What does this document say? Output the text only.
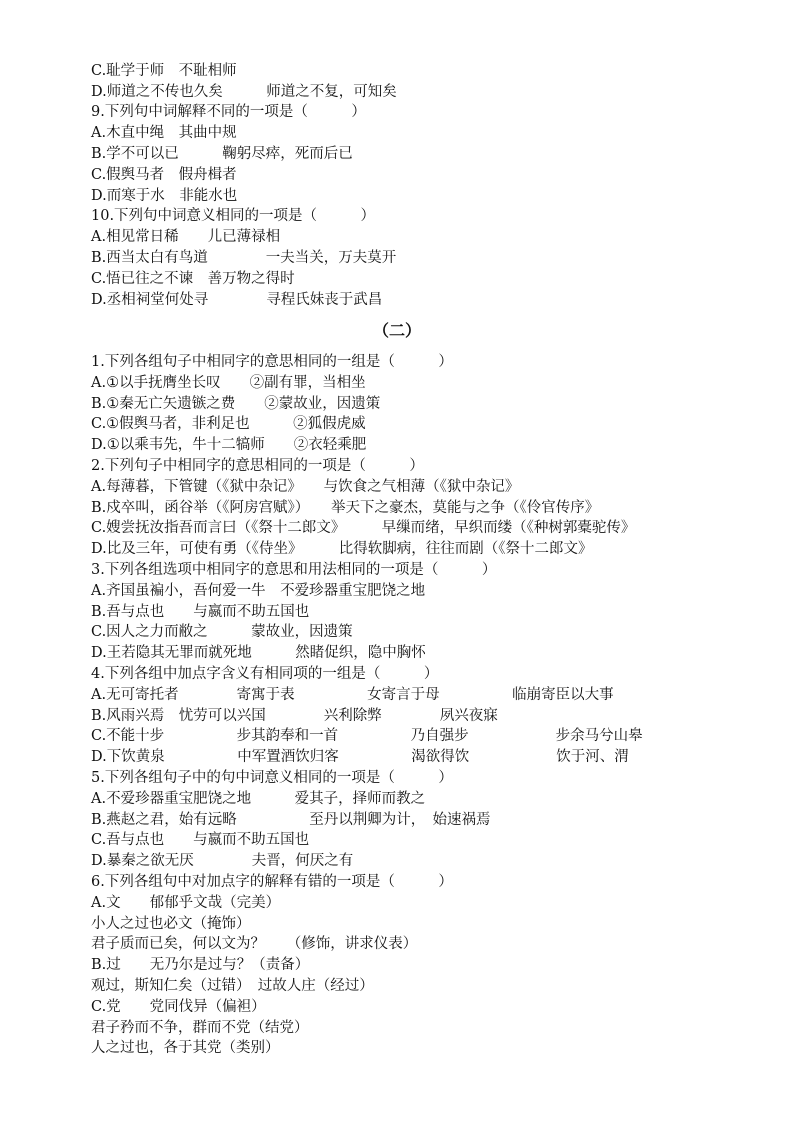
C.耻学于师　不耻相师
D.师道之不传也久矣　　　师道之不复，可知矣
9.下列句中词解释不同的一项是（　　　）
A.木直中绳　其曲中规
B.学不可以已　　　鞠躬尽瘁，死而后已
C.假舆马者　假舟楫者
D.而寒于水　非能水也
10.下列句中词意义相同的一项是（　　　）
A.相见常日稀　　儿已薄禄相
B.西当太白有鸟道　　　　一夫当关，万夫莫开
C.悟已往之不谏　善万物之得时
D.丞相祠堂何处寻　　　　寻程氏妹丧于武昌
（二）
1.下列各组句子中相同字的意思相同的一组是（　　　）
A.①以手抚膺坐长叹　　②副有罪，当相坐
B.①秦无亡矢遗镞之费　　②蒙故业，因遗策
C.①假舆马者，非利足也　　　②狐假虎威
D.①以乘韦先，牛十二犒师　　②衣轻乘肥
2.下列句子中相同字的意思相同的一项是（　　　）
A.每薄暮，下管键（《狱中杂记》　　与饮食之气相薄（《狱中杂记》
B.戍卒叫，函谷举（《阿房宫赋》）　　举天下之豪杰，莫能与之争（《伶官传序》
C.嫂尝抚汝指吾而言曰（《祭十二郎文》　　　早缫而绪，早织而缕（《种树郭橐驼传》
D.比及三年，可使有勇（《侍坐》　　　比得软脚病，往往而剧（《祭十二郎文》
3.下列各组选项中相同字的意思和用法相同的一项是（　　　）
A.齐国虽褊小，吾何爱一牛　不爱珍器重宝肥饶之地
B.吾与点也　　与嬴而不助五国也
C.因人之力而敝之　　　蒙故业，因遗策
D.王若隐其无罪而就死地　　　然睹促织，隐中胸怀
4.下列各组中加点字含义有相同项的一组是（　　　）
A.无可寄托者　　　　寄寓于表　　　　　女寄言于母　　　　　临崩寄臣以大事
B.风雨兴焉　忧劳可以兴国　　　　兴利除弊　　　　夙兴夜寐
C.不能十步　　　　　步其韵奉和一首　　　　　乃自强步　　　　　　步余马兮山皋
D.下饮黄泉　　　　　中军置酒饮归客　　　　　渴欲得饮　　　　　　饮于河、渭
5.下列各组句子中的句中词意义相同的一项是（　　　）
A.不爱珍器重宝肥饶之地　　　爱其子，择师而教之
B.燕赵之君，始有远略　　　　　至丹以荆卿为计，　始速祸焉
C.吾与点也　　与嬴而不助五国也
D.暴秦之欲无厌　　　　夫晋，何厌之有
6.下列各组句中对加点字的解释有错的一项是（　　　）
A.文　　郁郁乎文哉（完美）
小人之过也必文（掩饰）
君子质而已矣，何以文为？　　（修饰，讲求仪表）
B.过　　无乃尔是过与？（责备）
观过，斯知仁矣（过错）　过故人庄（经过）
C.党　　党同伐异（偏袒）
君子矜而不争，群而不党（结党）
人之过也，各于其党（类别）
